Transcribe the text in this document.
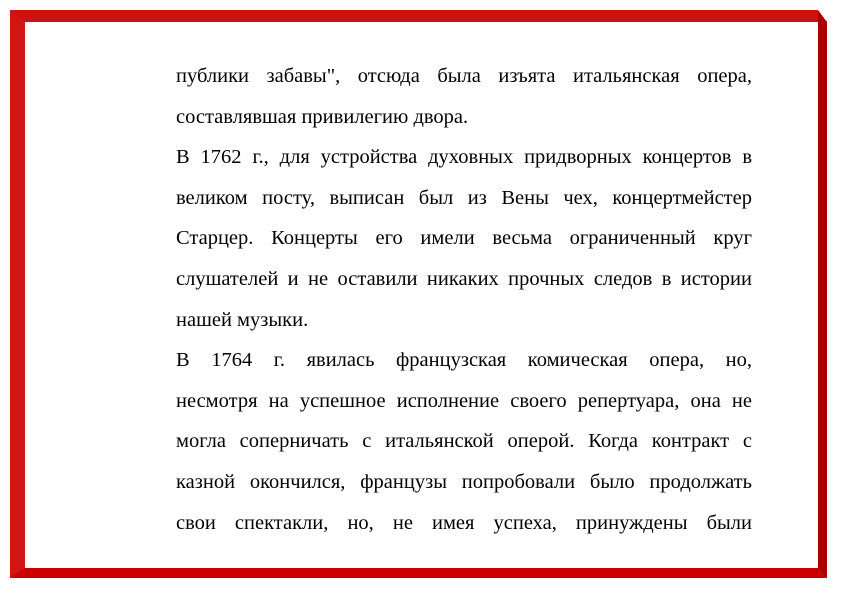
публики забавы", отсюда была изъята итальянская опера,
составлявшая привилегию двора.
В 1762 г., для устройства духовных придворных концертов в
великом посту, выписан был из Вены чех, концертмейстер
Старцер. Концерты его имели весьма ограниченный круг
слушателей и не оставили никаких прочных следов в истории
нашей музыки.
В 1764 г. явилась французская комическая опера, но,
несмотря на успешное исполнение своего репертуара, она не
могла соперничать с итальянской оперой. Когда контракт с
казной окончился, французы попробовали было продолжать
свои спектакли, но, не имея успеха, принуждены были
